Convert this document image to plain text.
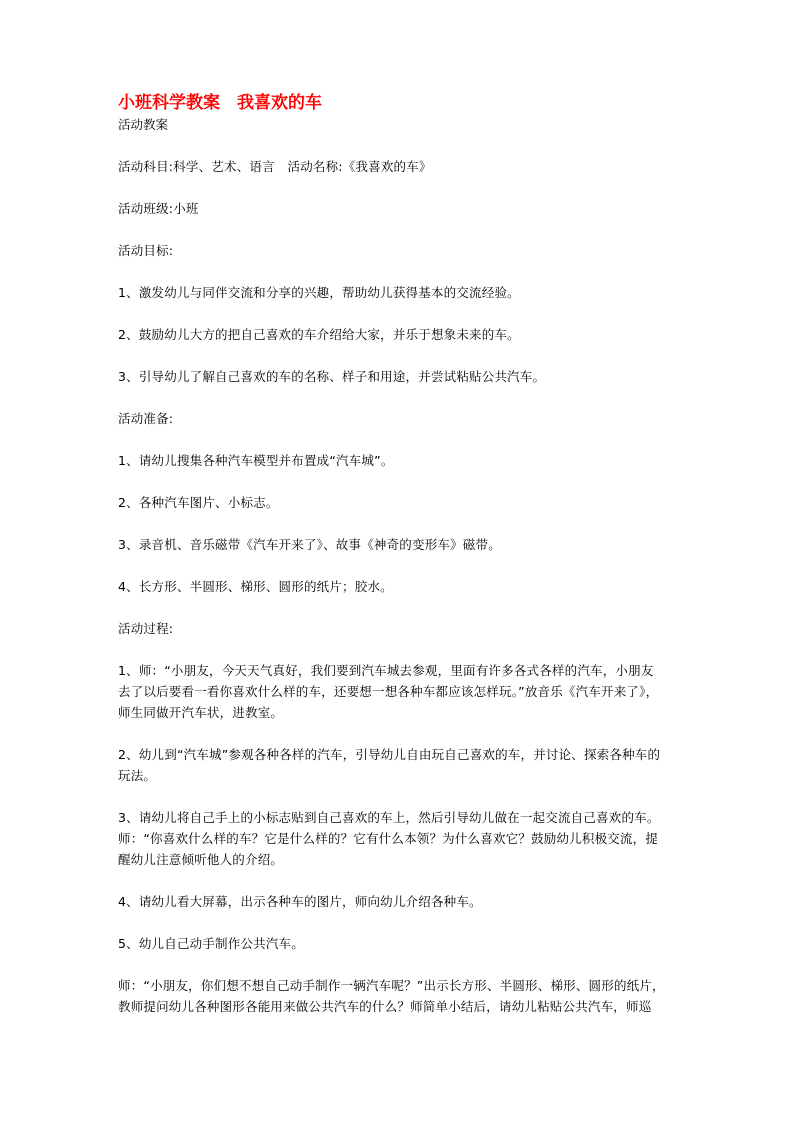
小班科学教案　我喜欢的车
活动教案

活动科目:科学、艺术、语言　活动名称:《我喜欢的车》

活动班级:小班

活动目标:

1、激发幼儿与同伴交流和分享的兴趣，帮助幼儿获得基本的交流经验。

2、鼓励幼儿大方的把自己喜欢的车介绍给大家，并乐于想象未来的车。

3、引导幼儿了解自己喜欢的车的名称、样子和用途，并尝试粘贴公共汽车。

活动准备:

1、请幼儿搜集各种汽车模型并布置成“汽车城”。

2、各种汽车图片、小标志。

3、录音机、音乐磁带《汽车开来了》、故事《神奇的变形车》磁带。

4、长方形、半圆形、梯形、圆形的纸片；胶水。

活动过程:

1、师：“小朋友，今天天气真好，我们要到汽车城去参观，里面有许多各式各样的汽车，小朋友去了以后要看一看你喜欢什么样的车，还要想一想各种车都应该怎样玩。”放音乐《汽车开来了》，师生同做开汽车状，进教室。

2、幼儿到“汽车城”参观各种各样的汽车，引导幼儿自由玩自己喜欢的车，并讨论、探索各种车的玩法。

3、请幼儿将自己手上的小标志贴到自己喜欢的车上，然后引导幼儿做在一起交流自己喜欢的车。师：“你喜欢什么样的车？它是什么样的？它有什么本领？为什么喜欢它？鼓励幼儿积极交流，提醒幼儿注意倾听他人的介绍。

4、请幼儿看大屏幕，出示各种车的图片，师向幼儿介绍各种车。

5、幼儿自己动手制作公共汽车。

师：“小朋友，你们想不想自己动手制作一辆汽车呢？”出示长方形、半圆形、梯形、圆形的纸片，教师提问幼儿各种图形各能用来做公共汽车的什么？师简单小结后，请幼儿粘贴公共汽车，师巡
